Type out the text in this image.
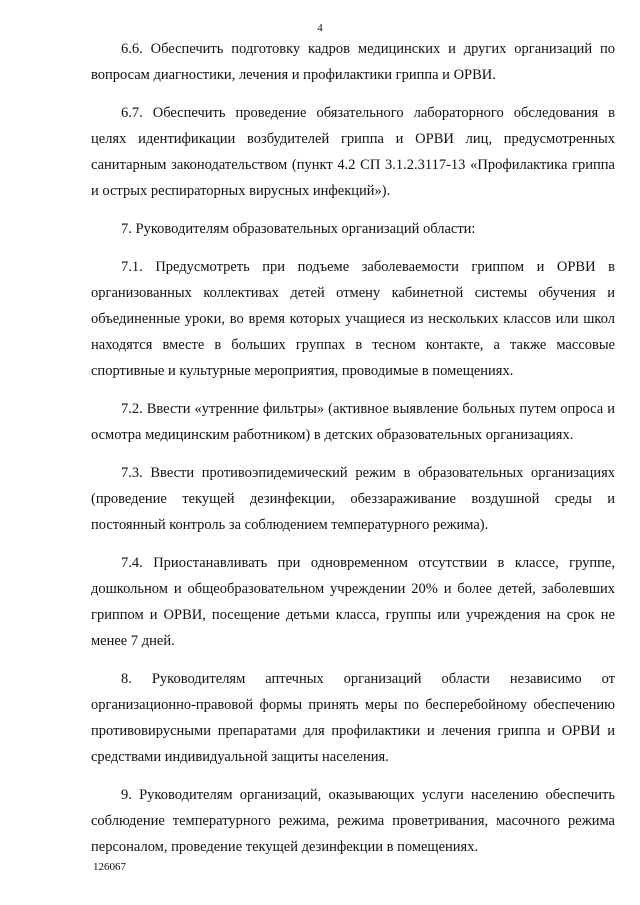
4

6.6. Обеспечить подготовку кадров медицинских и других организаций по вопросам диагностики, лечения и профилактики гриппа и ОРВИ.

6.7. Обеспечить проведение обязательного лабораторного обследования в целях идентификации возбудителей гриппа и ОРВИ лиц, предусмотренных санитарным законодательством (пункт 4.2 СП 3.1.2.3117-13 «Профилактика гриппа и острых респираторных вирусных инфекций»).

7. Руководителям образовательных организаций области:

7.1. Предусмотреть при подъеме заболеваемости гриппом и ОРВИ в организованных коллективах детей отмену кабинетной системы обучения и объединенные уроки, во время которых учащиеся из нескольких классов или школ находятся вместе в больших группах в тесном контакте, а также массовые спортивные и культурные мероприятия, проводимые в помещениях.

7.2. Ввести «утренние фильтры» (активное выявление больных путем опроса и осмотра медицинским работником) в детских образовательных организациях.

7.3. Ввести противоэпидемический режим в образовательных организациях (проведение текущей дезинфекции, обеззараживание воздушной среды и постоянный контроль за соблюдением температурного режима).

7.4. Приостанавливать при одновременном отсутствии в классе, группе, дошкольном и общеобразовательном учреждении 20% и более детей, заболевших гриппом и ОРВИ, посещение детьми класса, группы или учреждения на срок не менее 7 дней.

8. Руководителям аптечных организаций области независимо от организационно-правовой формы принять меры по бесперебойному обеспечению противовирусными препаратами для профилактики и лечения гриппа и ОРВИ и средствами индивидуальной защиты населения.

9. Руководителям организаций, оказывающих услуги населению обеспечить соблюдение температурного режима, режима проветривания, масочного режима персоналом, проведение текущей дезинфекции в помещениях.

126067
